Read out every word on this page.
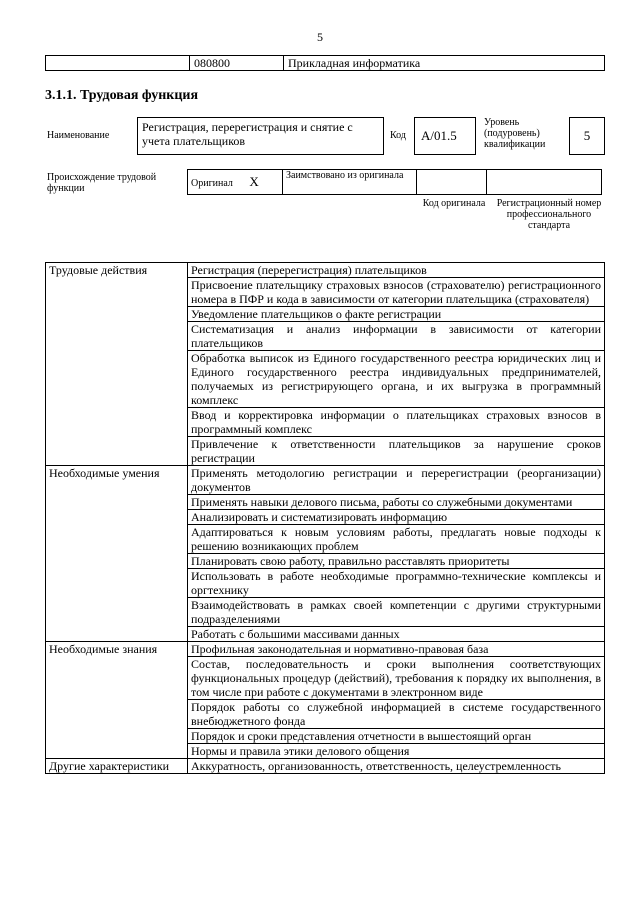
5
	080800	Прикладная информатика
3.1.1. Трудовая функция
Наименование
Регистрация, перерегистрация и снятие с учета плательщиков	Код	А/01.5
Уровень (подуровень) квалификации
5
Происхождение трудовой функции	Оригинал X	Заимствовано из оригинала		
Код оригинала	Регистрационный номер профессионального стандарта
Трудовые действия	Регистрация (перерегистрация) плательщиков
	Присвоение плательщику страховых взносов (страхователю) регистрационного номера в ПФР и кода в зависимости от категории плательщика (страхователя)
	Уведомление плательщиков о факте регистрации
	Систематизация и анализ информации в зависимости от категории плательщиков
	Обработка выписок из Единого государственного реестра юридических лиц и Единого государственного реестра индивидуальных предпринимателей, получаемых из регистрирующего органа, и их выгрузка в программный комплекс
	Ввод и корректировка информации о плательщиках страховых взносов в программный комплекс
	Привлечение к ответственности плательщиков за нарушение сроков регистрации
Необходимые умения	Применять методологию регистрации и перерегистрации (реорганизации) документов
	Применять навыки делового письма, работы со служебными документами
	Анализировать и систематизировать информацию
	Адаптироваться к новым условиям работы, предлагать новые подходы к решению возникающих проблем
	Планировать свою работу, правильно расставлять приоритеты
	Использовать в работе необходимые программно-технические комплексы и оргтехнику
	Взаимодействовать в рамках своей компетенции с другими структурными подразделениями
	Работать с большими массивами данных
Необходимые знания	Профильная законодательная и нормативно-правовая база
	Состав, последовательность и сроки выполнения соответствующих функциональных процедур (действий), требования к порядку их выполнения, в том числе при работе с документами в электронном виде
	Порядок работы со служебной информацией в системе государственного внебюджетного фонда
	Порядок и сроки представления отчетности в вышестоящий орган
	Нормы и правила этики делового общения
Другие характеристики	Аккуратность, организованность, ответственность, целеустремленность
